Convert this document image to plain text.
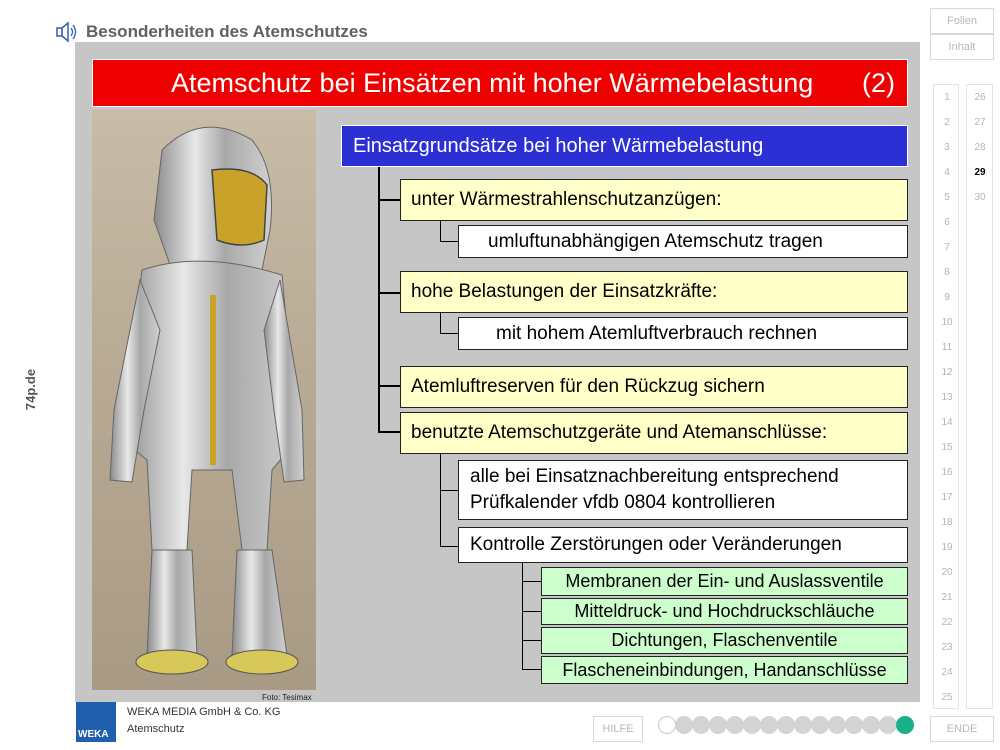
Besonderheiten des Atemschutzes
74p.de
Atemschutz bei Einsätzen mit hoher Wärmebelastung (2)
Foto: Tesimax
Einsatzgrundsätze bei hoher Wärmebelastung
unter Wärmestrahlenschutzanzügen:
umluftunabhängigen Atemschutz tragen
hohe Belastungen der Einsatzkräfte:
mit hohem Atemluftverbrauch rechnen
Atemluftreserven für den Rückzug sichern
benutzte Atemschutzgeräte und Atemanschlüsse:
alle bei Einsatznachbereitung entsprechend
Prüfkalender vfdb 0804 kontrollieren
Kontrolle Zerstörungen oder Veränderungen
Membranen der Ein- und Auslassventile
Mitteldruck- und Hochdruckschläuche
Dichtungen, Flaschenventile
Flascheneinbindungen, Handanschlüsse
Folien
Inhalt
1
2
3
4
5
6
7
8
9
10
11
12
13
14
15
16
17
18
19
20
21
22
23
24
25
26
27
28
29
30
HILFE	ENDE
WEKA
WEKA MEDIA GmbH & Co. KG
Atemschutz
